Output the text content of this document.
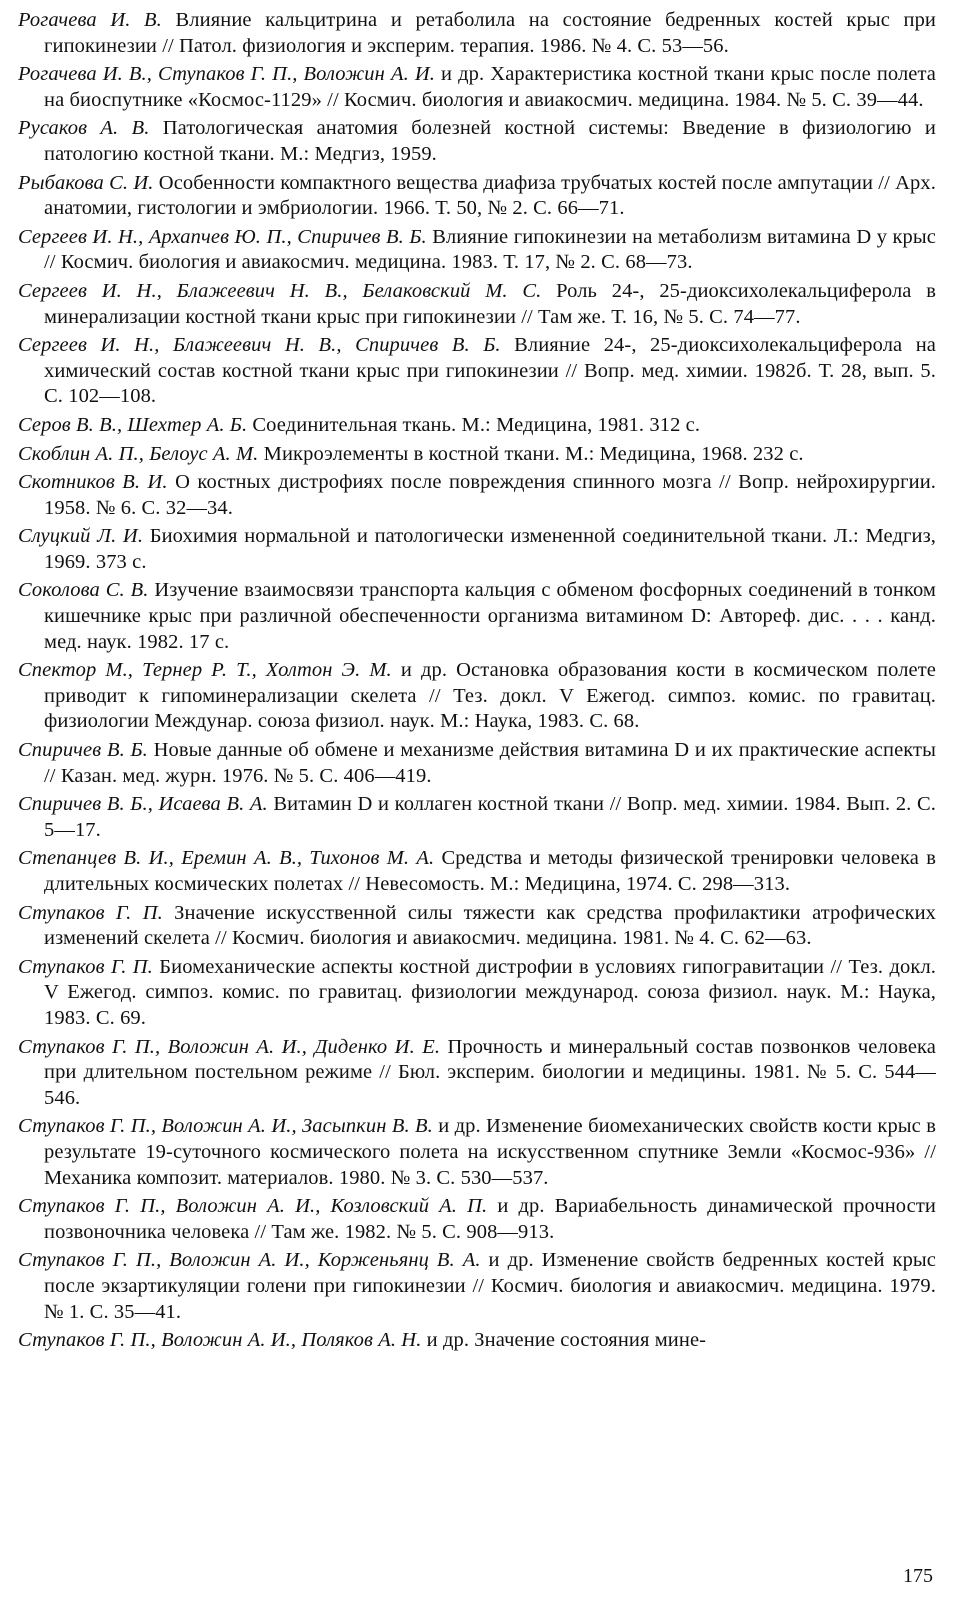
Рогачева И. В. Влияние кальцитрина и ретаболила на состояние бедренных костей крыс при гипокинезии // Патол. физиология и эксперим. терапия. 1986. № 4. С. 53—56.

Рогачева И. В., Ступаков Г. П., Воложин А. И. и др. Характеристика костной ткани крыс после полета на биоспутнике «Космос-1129» // Космич. биология и авиакосмич. медицина. 1984. № 5. С. 39—44.

Русаков А. В. Патологическая анатомия болезней костной системы: Введение в физиологию и патологию костной ткани. М.: Медгиз, 1959.

Рыбакова С. И. Особенности компактного вещества диафиза трубчатых костей после ампутации // Арх. анатомии, гистологии и эмбриологии. 1966. Т. 50, № 2. С. 66—71.

Сергеев И. Н., Архапчев Ю. П., Спиричев В. Б. Влияние гипокинезии на метаболизм витамина D у крыс // Космич. биология и авиакосмич. медицина. 1983. Т. 17, № 2. С. 68—73.

Сергеев И. Н., Блажеевич Н. В., Белаковский М. С. Роль 24-, 25-диоксихолекальциферола в минерализации костной ткани крыс при гипокинезии // Там же. Т. 16, № 5. С. 74—77.

Сергеев И. Н., Блажеевич Н. В., Спиричев В. Б. Влияние 24-, 25-диоксихолекальциферола на химический состав костной ткани крыс при гипокинезии // Вопр. мед. химии. 1982б. Т. 28, вып. 5. С. 102—108.

Серов В. В., Шехтер А. Б. Соединительная ткань. М.: Медицина, 1981. 312 с.

Скоблин А. П., Белоус А. М. Микроэлементы в костной ткани. М.: Медицина, 1968. 232 с.

Скотников В. И. О костных дистрофиях после повреждения спинного мозга // Вопр. нейрохирургии. 1958. № 6. С. 32—34.

Слуцкий Л. И. Биохимия нормальной и патологически измененной соединительной ткани. Л.: Медгиз, 1969. 373 с.

Соколова С. В. Изучение взаимосвязи транспорта кальция с обменом фосфорных соединений в тонком кишечнике крыс при различной обеспеченности организма витамином D: Автореф. дис. . . . канд. мед. наук. 1982. 17 с.

Спектор М., Тернер Р. Т., Холтон Э. М. и др. Остановка образования кости в космическом полете приводит к гипоминерализации скелета // Тез. докл. V Ежегод. симпоз. комис. по гравитац. физиологии Междунар. союза физиол. наук. М.: Наука, 1983. С. 68.

Спиричев В. Б. Новые данные об обмене и механизме действия витамина D и их практические аспекты // Казан. мед. журн. 1976. № 5. С. 406—419.

Спиричев В. Б., Исаева В. А. Витамин D и коллаген костной ткани // Вопр. мед. химии. 1984. Вып. 2. С. 5—17.

Степанцев В. И., Еремин А. В., Тихонов М. А. Средства и методы физической тренировки человека в длительных космических полетах // Невесомость. М.: Медицина, 1974. С. 298—313.

Ступаков Г. П. Значение искусственной силы тяжести как средства профилактики атрофических изменений скелета // Космич. биология и авиакосмич. медицина. 1981. № 4. С. 62—63.

Ступаков Г. П. Биомеханические аспекты костной дистрофии в условиях гипогравитации // Тез. докл. V Ежегод. симпоз. комис. по гравитац. физиологии международ. союза физиол. наук. М.: Наука, 1983. С. 69.

Ступаков Г. П., Воложин А. И., Диденко И. Е. Прочность и минеральный состав позвонков человека при длительном постельном режиме // Бюл. эксперим. биологии и медицины. 1981. № 5. С. 544—546.

Ступаков Г. П., Воложин А. И., Засыпкин В. В. и др. Изменение биомеханических свойств кости крыс в результате 19-суточного космического полета на искусственном спутнике Земли «Космос-936» // Механика композит. материалов. 1980. № 3. С. 530—537.

Ступаков Г. П., Воложин А. И., Козловский А. П. и др. Вариабельность динамической прочности позвоночника человека // Там же. 1982. № 5. С. 908—913.

Ступаков Г. П., Воложин А. И., Корженьянц В. А. и др. Изменение свойств бедренных костей крыс после экзартикуляции голени при гипокинезии // Космич. биология и авиакосмич. медицина. 1979. № 1. С. 35—41.

Ступаков Г. П., Воложин А. И., Поляков А. Н. и др. Значение состояния мине-

175
